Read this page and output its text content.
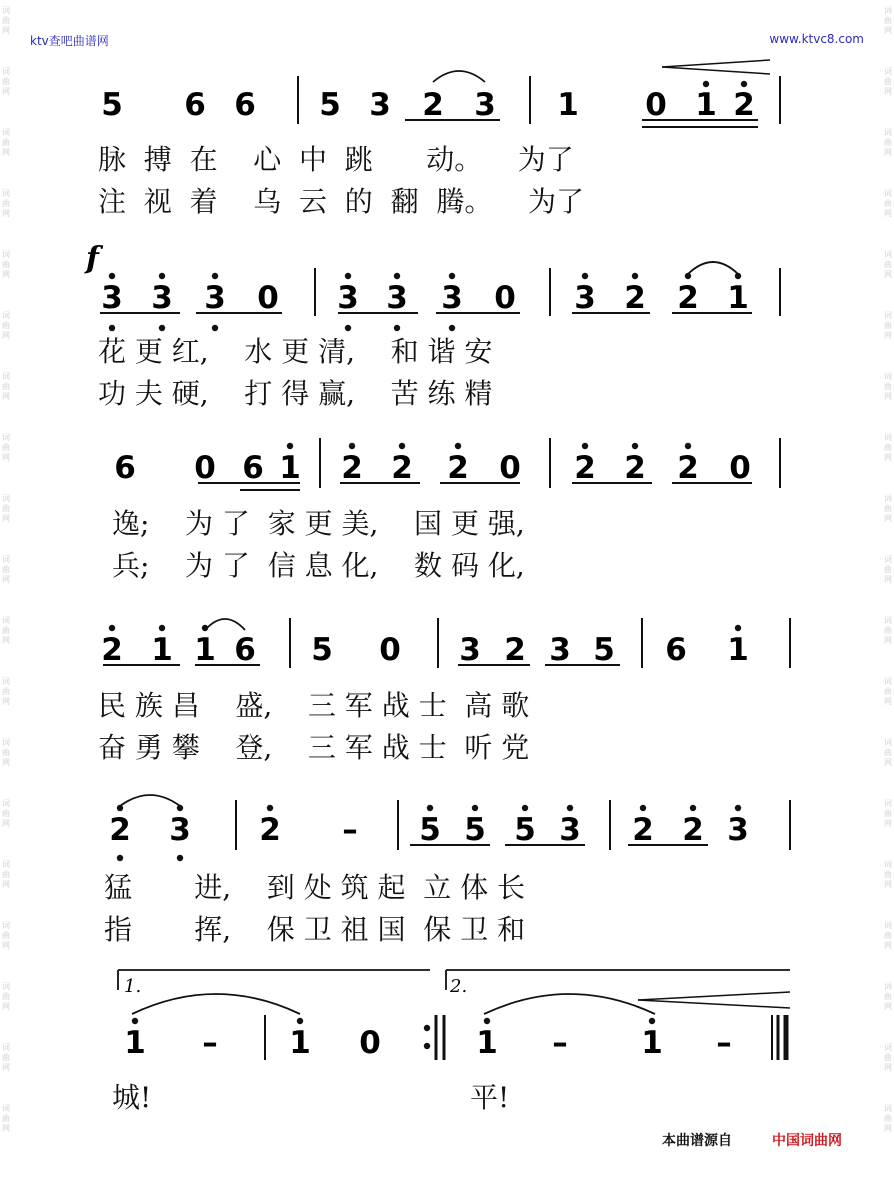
ktv查吧曲谱网	www.ktvc8.com
5 6 6 5 3 2 3 1 0 1 2
3 3 3 0 3 3 3 0 3 2 2 1
6 0 6 1 2 2 2 0 2 2 2 0
2 1 1 6 5 0 3 2 3 5 6 1
2 3 2 – 5 5 5 3 2 2 3
1 – 1 0	1 – 1 –
f
1.	2.
脉  搏  在    心  中  跳      动。    为了
注  视  着    乌  云  的  翻  腾。    为了
花 更 红,    水 更 清,    和 谐 安
功 夫 硬,    打 得 赢,    苦 练 精
逸;    为 了  家 更 美,    国 更 强,
兵;    为 了  信 息 化,    数 码 化,
民 族 昌    盛,    三 军 战 士  高 歌
奋 勇 攀    登,    三 军 战 士  听 党
猛       进,    到 处 筑 起  立 体 长
指       挥,    保 卫 祖 国  保 卫 和
城!	平!
本曲谱源自	中国词曲网
词曲网
词曲网
词曲网
词曲网
词曲网
词曲网
词曲网
词曲网
词曲网
词曲网
词曲网
词曲网
词曲网
词曲网
词曲网
词曲网
词曲网
词曲网
词曲网
词曲网
词曲网
词曲网
词曲网
词曲网
词曲网
词曲网
词曲网
词曲网
词曲网
词曲网
词曲网
词曲网
词曲网
词曲网
词曲网
词曲网
词曲网
词曲网
